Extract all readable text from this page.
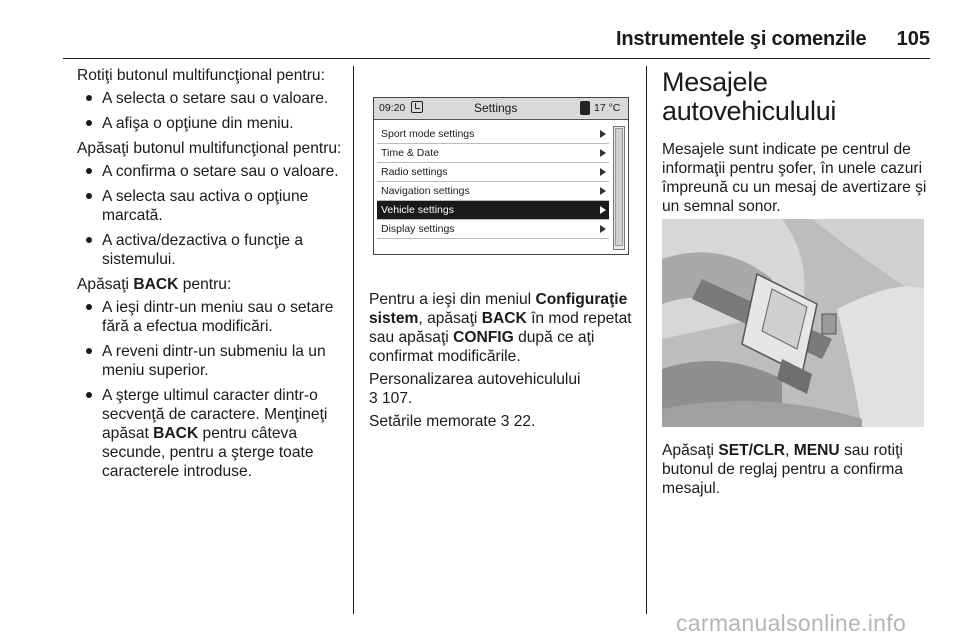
Instrumentele şi comenzile 105
Rotiţi butonul multifuncţional pentru:
A selecta o setare sau o valoare.
A afişa o opţiune din meniu.
Apăsaţi butonul multifuncţional pentru:
A confirma o setare sau o valoare.
A selecta sau activa o opţiune marcată.
A activa/dezactiva o funcţie a sistemului.
Apăsaţi BACK pentru:
A ieşi dintr-un meniu sau o setare fără a efectua modificări.
A reveni dintr-un submeniu la un meniu superior.
A şterge ultimul caracter dintr-o secvenţă de caractere. Menţineţi apăsat BACK pentru câteva secunde, pentru a şterge toate caracterele introduse.
09:20	Settings	17 °C
Sport mode settings
Time & Date
Radio settings
Navigation settings
Vehicle settings
Display settings
Pentru a ieşi din meniul Configuraţie sistem, apăsaţi BACK în mod repetat sau apăsaţi CONFIG după ce aţi confirmat modificările.
Personalizarea autovehiculului
3 107.
Setările memorate 3 22.
Mesajele autovehiculului
Mesajele sunt indicate pe centrul de informaţii pentru şofer, în unele cazuri împreună cu un mesaj de avertizare şi un semnal sonor.
Apăsaţi SET/CLR, MENU sau rotiţi butonul de reglaj pentru a confirma mesajul.
carmanualsonline.info
